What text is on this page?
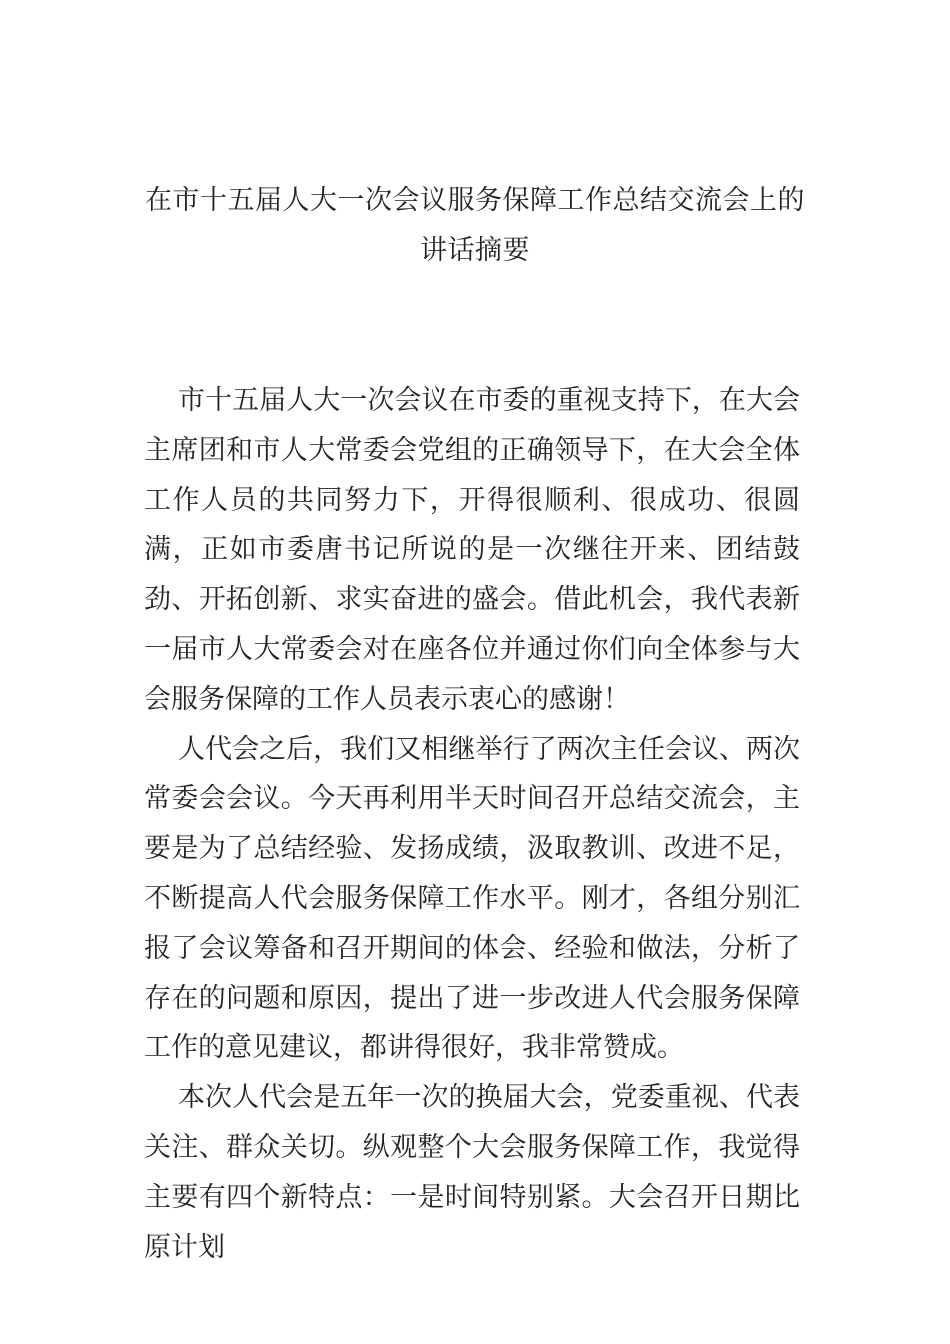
在市十五届人大一次会议服务保障工作总结交流会上的
讲话摘要

市十五届人大一次会议在市委的重视支持下，在大会主席团和市人大常委会党组的正确领导下，在大会全体工作人员的共同努力下，开得很顺利、很成功、很圆满，正如市委唐书记所说的是一次继往开来、团结鼓劲、开拓创新、求实奋进的盛会。借此机会，我代表新一届市人大常委会对在座各位并通过你们向全体参与大会服务保障的工作人员表示衷心的感谢！

人代会之后，我们又相继举行了两次主任会议、两次常委会会议。今天再利用半天时间召开总结交流会，主要是为了总结经验、发扬成绩，汲取教训、改进不足，不断提高人代会服务保障工作水平。刚才，各组分别汇报了会议筹备和召开期间的体会、经验和做法，分析了存在的问题和原因，提出了进一步改进人代会服务保障工作的意见建议，都讲得很好，我非常赞成。

本次人代会是五年一次的换届大会，党委重视、代表关注、群众关切。纵观整个大会服务保障工作，我觉得主要有四个新特点：一是时间特别紧。大会召开日期比原计划
